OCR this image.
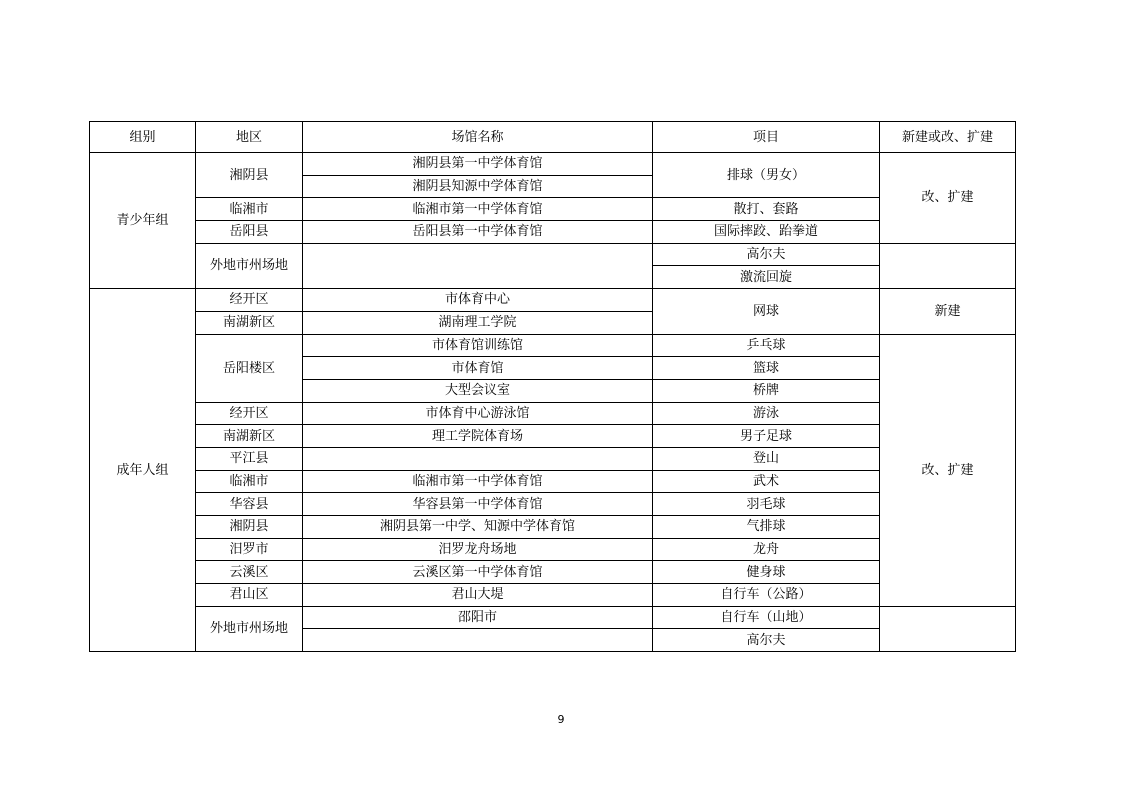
组别	地区	场馆名称	项目	新建或改、扩建
青少年组	湘阴县	湘阴县第一中学体育馆	排球（男女）	改、扩建
		湘阴县知源中学体育馆		
	临湘市	临湘市第一中学体育馆	散打、套路	
	岳阳县	岳阳县第一中学体育馆	国际摔跤、跆拳道	
	外地市州场地		高尔夫	
			激流回旋	
成年人组	经开区	市体育中心	网球	新建
	南湖新区	湖南理工学院		
	岳阳楼区	市体育馆训练馆	乒乓球	改、扩建
		市体育馆	篮球	
		大型会议室	桥牌	
	经开区	市体育中心游泳馆	游泳	
	南湖新区	理工学院体育场	男子足球	
	平江县		登山	
	临湘市	临湘市第一中学体育馆	武术	
	华容县	华容县第一中学体育馆	羽毛球	
	湘阴县	湘阴县第一中学、知源中学体育馆	气排球	
	汨罗市	汨罗龙舟场地	龙舟	
	云溪区	云溪区第一中学体育馆	健身球	
	君山区	君山大堤	自行车（公路）	
	外地市州场地	邵阳市	自行车（山地）	
			高尔夫	
9
